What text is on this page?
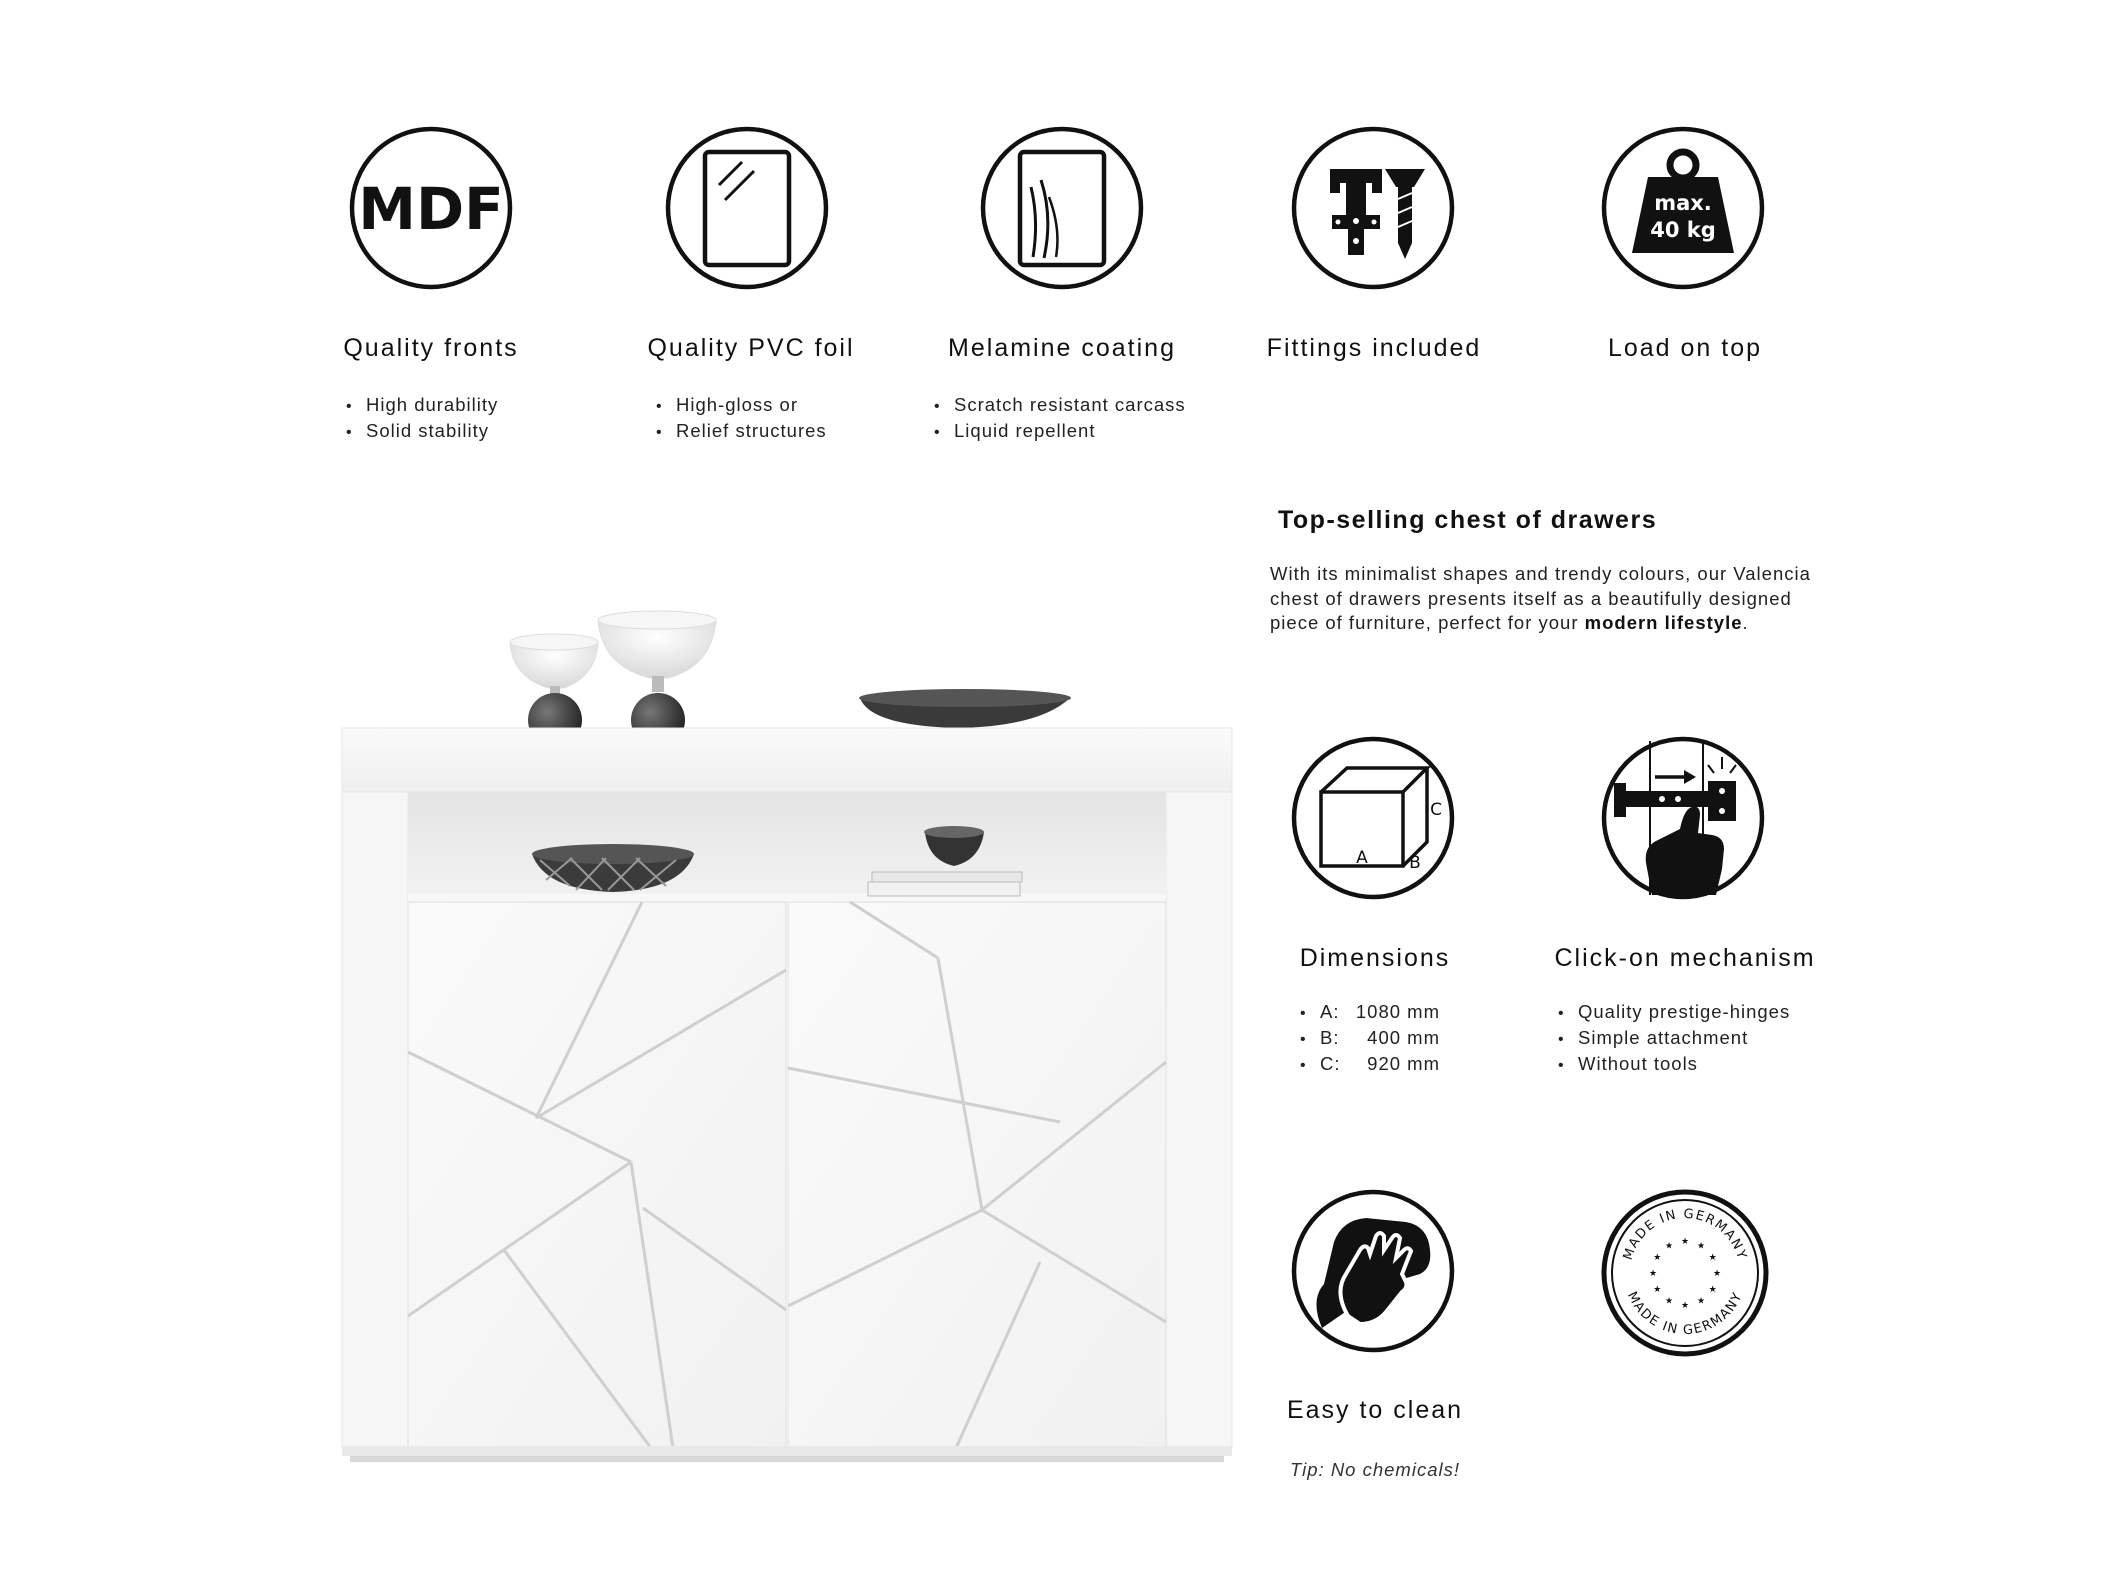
MDF
Quality fronts
• High durability
• Solid stability
Quality PVC foil
• High-gloss or
• Relief structures
Melamine coating
• Scratch resistant carcass
• Liquid repellent
Fittings included
max.
40 kg
Load on top
Top-selling chest of drawers

With its minimalist shapes and trendy colours, our Valencia chest of drawers presents itself as a beautifully designed piece of furniture, perfect for your modern lifestyle.

A B
C
Dimensions
• A: 1080 mm
• B: 400 mm
• C: 920 mm
Click-on mechanism
• Quality prestige-hinges
• Simple attachment
• Without tools
Easy to clean
Tip: No chemicals!
MADE IN GERMANY
MADE IN GERMANY
★
★
★
★
★
★
★
★
★ ★ ★
★
